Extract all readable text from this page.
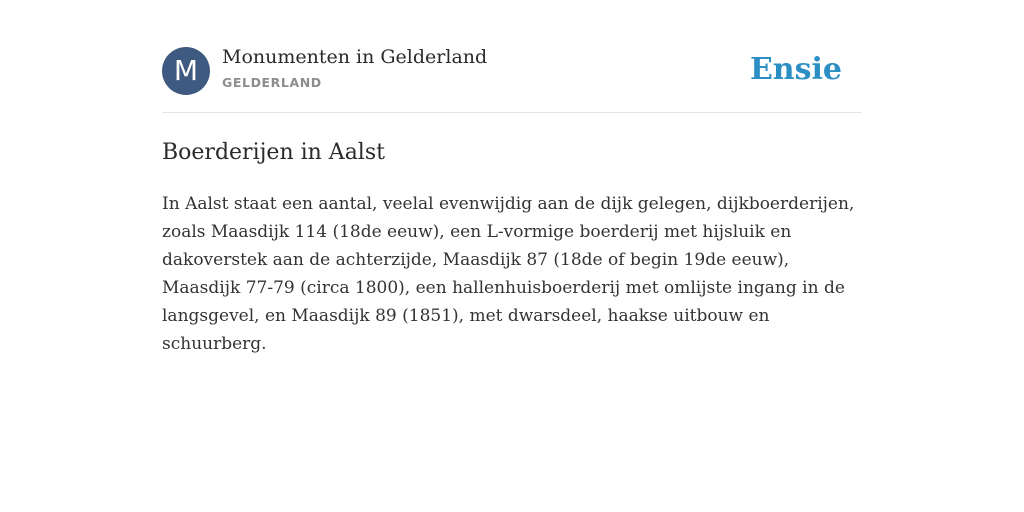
M	Monumenten in Gelderland
GELDERLAND	Ensie
Boerderijen in Aalst

In Aalst staat een aantal, veelal evenwijdig aan de dijk gelegen, dijkboerderijen, zoals Maasdijk 114 (18de eeuw), een L-vormige boerderij met hijsluik en dakoverstek aan de achterzijde, Maasdijk 87 (18de of begin 19de eeuw), Maasdijk 77-79 (circa 1800), een hallenhuisboerderij met omlijste ingang in de langsgevel, en Maasdijk 89 (1851), met dwarsdeel, haakse uitbouw en schuurberg.
